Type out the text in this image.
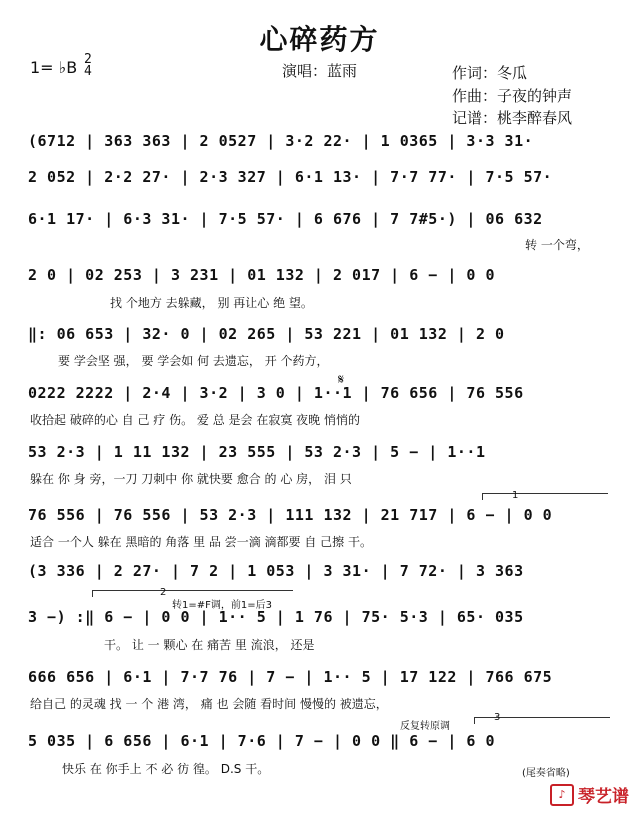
心碎药方
1= ♭B 2
4	演唱：蓝雨	作词：冬瓜
作曲：子夜的钟声
记谱：桃李醉春风
(6712 | 363 363 | 2 0527 | 3·2 22· | 1 0365 | 3·3 31·
2 052 | 2·2 27· | 2·3 327 | 6·1 13· | 7·7 77· | 7·5 57·
6·1 17· | 6·3 31· | 7·5 57· | 6 676 | 7 7#5·) | 06 632
转 一个弯，
2 0 | 02 253 | 3 231 | 01 132 | 2 017 | 6 − | 0 0
找 个地方 去躲藏， 别 再让心 绝 望。
‖: 06 653 | 32· 0 | 02 265 | 53 221 | 01 132 | 2 0
要 学会坚 强， 要 学会如 何 去遗忘， 开 个药方，
𝄋
0222 2222 | 2·4 | 3·2 | 3 0 | 1··1 | 76 656 | 76 556
收拾起 破碎的心 自 己 疗 伤。 爱 总 是会 在寂寞 夜晚 悄悄的
53 2·3 | 1 11 132 | 23 555 | 53 2·3 | 5 − | 1··1
躲在 你 身 旁，一刀 刀刺中 你 就快要 愈合 的 心 房， 泪 只
1
76 556 | 76 556 | 53 2·3 | 111 132 | 21 717 | 6 − | 0 0
适合 一个人 躲在 黑暗的 角落 里 品 尝一滴 滴都要 自 己擦 干。
(3 336 | 2 27· | 7 2 | 1 053 | 3 31· | 7 72· | 3 363
2
转1=#F调，前1=后3
3 −) :‖ 6 − | 0 0 | 1·· 5 | 1 76 | 75· 5·3 | 65· 035
干。 让 一 颗心 在 痛苦 里 流浪， 还是
666 656 | 6·1 | 7·7 76 | 7 − | 1·· 5 | 17 122 | 766 675
给自己 的灵魂 找 一 个 港 湾， 痛 也 会随 看时间 慢慢的 被遗忘，
反复转原调
3
5 035 | 6 656 | 6·1 | 7·6 | 7 − | 0 0 ‖ 6 − | 6 0
快乐 在 你手上 不 必 彷 徨。 D.S 干。	(尾奏省略)
♪ 琴艺谱
